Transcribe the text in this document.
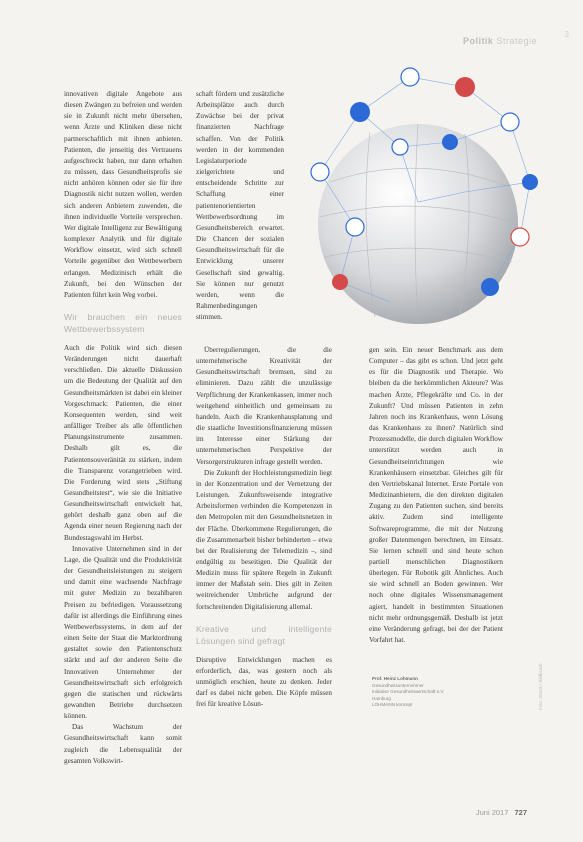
Politik Strategie
3

innovativen digitale Angebote aus diesen Zwängen zu befreien und werden sie in Zukunft nicht mehr übersehen, wenn Ärzte und Kliniken diese nicht partnerschaftlich mit ihnen anbieten. Patienten, die jenseitig des Vertrauens aufgeschreckt haben, nur dann erhalten zu müssen, dass Gesundheitsprofis sie nicht anhören können oder sie für ihre Diagnostik nicht nutzen wollen, werden sich anderen Anbietern zuwenden, die ihnen individuelle Vorteile versprechen. Wer digitale Intelligenz zur Bewältigung komplexer Analytik und für digitale Workflow einsetzt, wird sich schnell Vorteile gegenüber den Wettbewerbern erlangen. Medizinisch erhält die Zukunft, bei den Wünschen der Patienten führt kein Weg vorbei.

Wir brauchen ein neues Wettbewerbssystem

Auch die Politik wird sich diesen Veränderungen nicht dauerhaft verschließen. Die aktuelle Diskussion um die Bedeutung der Qualität auf den Gesundheitsmärkten ist dabei ein kleiner Vorgeschmack: Patienten, die einer Konsequenten werden, sind weit anfälliger Treiber als alle öffentlichen Planungsinstrumente zusammen. Deshalb gilt es, die Patientensouveränität zu stärken, indem die Transparenz vorangetrieben wird. Die Forderung wird stets „Stiftung Gesundheitstest“, wie sie die Initiative Gesundheitswirtschaft entwickelt hat, gehört deshalb ganz oben auf die Agenda einer neuen Regierung nach der Bundestagswahl im Herbst.

Innovative Unternehmen sind in der Lage, die Qualität und die Produktivität der Gesundheitsleistungen zu steigern und damit eine wachsende Nachfrage mit guter Medizin zu bezahlbaren Preisen zu befriedigen. Voraussetzung dafür ist allerdings die Einführung eines Wettbewerbssystems, in dem auf der einen Seite der Staat die Marktordnung gestaltet sowie den Patientenschutz stärkt und auf der anderen Seite die Innovativen Unternehmer der Gesundheitswirtschaft sich erfolgreich gegen die statischen und rückwärts gewandten Betriebe durchsetzen können.

Das Wachstum der Gesundheitswirtschaft kann somit zugleich die Lebensqualität der gesamten Volkswirt-

schaft fördern und zusätzliche Arbeitsplätze auch durch Zuwächse bei der privat finanzierten Nachfrage schaffen. Von der Politik werden in der kommenden Legislaturperiode zielgerichtete und entscheidende Schritte zur Schaffung einer patientenorientierten Wettbewerbsordnung im Gesundheitsbereich erwartet. Die Chancen der sozialen Gesundheitswirtschaft für die Entwicklung unserer Gesellschaft sind gewaltig. Sie können nur genutzt werden, wenn die Rahmenbedingungen stimmen.

Überregulierungen, die die unternehmerische Kreativität der Gesundheitswirtschaft bremsen, sind zu eliminieren. Dazu zählt die unzulässige Verpflichtung der Krankenkassen, immer noch weitgehend einheitlich und gemeinsam zu handeln. Auch die Krankenhausplanung und die staatliche Investitionsfinanzierung müssen im Interesse einer Stärkung der unternehmerischen Perspektive der Versorgerstrukturen infrage gestellt werden.

Die Zukunft der Hochleistungsmedizin liegt in der Konzentration und der Vernetzung der Leistungen. Zukunftsweisende integrative Arbeitsformen verbinden die Kompetenzen in den Metropolen mit den Gesundheitsnetzen in der Fläche. Überkommene Regulierungen, die die Zusammenarbeit bisher behinderten – etwa bei der Realisierung der Telemedizin –, sind endgültig zu beseitigen. Die Qualität der Medizin muss für spätere Regeln in Zukunft immer der Maßstab sein. Dies gilt in Zeiten weitreichender Umbrüche aufgrund der fortschreitenden Digitalisierung allemal.

Kreative und intelligente Lösungen sind gefragt

Disruptive Entwicklungen machen es erforderlich, das, was gestern noch als unmöglich erschien, heute zu denken. Jeder darf es dabei nicht geben. Die Köpfe müssen frei für kreative Lösun-

gen sein. Ein neuer Benchmark aus dem Computer – das gibt es schon. Und jetzt geht es für die Diagnostik und Therapie. Wo bleiben da die herkömmlichen Akteure? Was machen Ärzte, Pflegekräfte und Co. in der Zukunft? Und müssen Patienten in zehn Jahren noch ins Krankenhaus, wenn Lösung das Krankenhaus zu ihnen? Natürlich sind Prozessmodelle, die durch digitalen Workflow unterstützt werden auch in Gesundheitseinrichtungen wie Krankenhäusern einsetzbar. Gleiches gilt für den Vertriebskanal Internet. Erste Portale von Medizinanbietern, die den direkten digitalen Zugang zu den Patienten suchen, sind bereits aktiv. Zudem sind intelligente Softwareprogramme, die mit der Nutzung großer Datenmengen berechnen, im Einsatz. Sie lernen schnell und sind heute schon partiell menschlichen Diagnostikern überlegen. Für Robotik gilt Ähnliches. Auch sie wird schnell an Boden gewinnen. Wer noch ohne digitales Wissensmanagement agiert, handelt in bestimmten Situationen nicht mehr ordnungsgemäß. Deshalb ist jetzt eine Veränderung gefragt, bei der der Patient Vorfahrt hat.

Prof. Heinz Lohmann
Gesundheitsunternehmer
Initiative Gesundheitswirtschaft e.V.
Hamburg
LOHMANN konzept	Foto: iStock / Bildbearb.
Juni 2017 727
